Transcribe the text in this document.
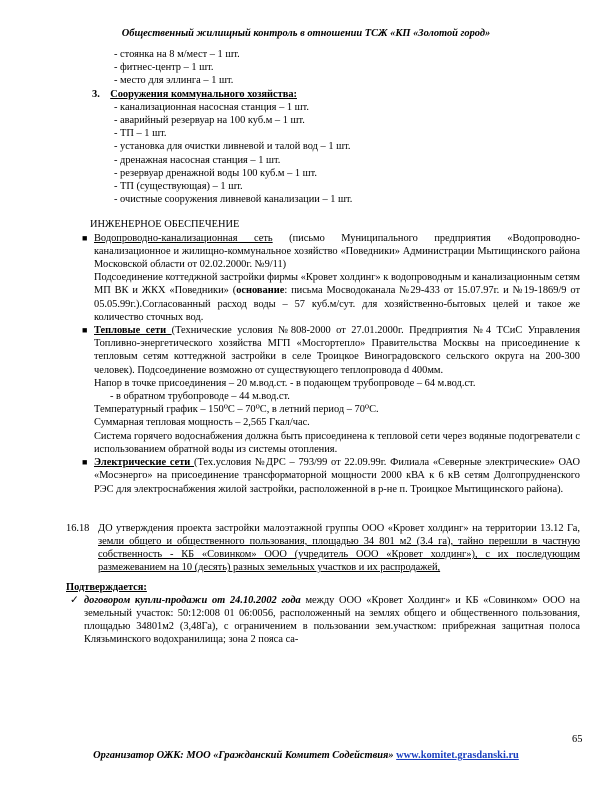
Общественный жилищный контроль в отношении ТСЖ «КП «Золотой город»
- стоянка на 8 м/мест – 1 шт.
- фитнес-центр – 1 шт.
- место для эллинга – 1 шт.
3. Сооружения коммунального хозяйства:
- канализационная насосная станция – 1 шт.
- аварийный резервуар на 100 куб.м – 1 шт.
- ТП – 1 шт.
- установка для очистки ливневой и талой вод – 1 шт.
- дренажная насосная станция – 1 шт.
- резервуар дренажной воды 100 куб.м – 1 шт.
- ТП (существующая) – 1 шт.
- очистные сооружения ливневой канализации – 1 шт.
ИНЖЕНЕРНОЕ ОБЕСПЕЧЕНИЕ
■ Водопроводно-канализационная сеть (письмо Муниципального предприятия «Водопроводно-канализационное и жилищно-коммунальное хозяйство «Поведники» Администрации Мытищинского района Московской области от 02.02.2000г. №9/11)
Подсоединение коттеджной застройки фирмы «Кровет холдинг» к водопроводным и канализационным сетям МП ВК и ЖКХ «Поведники» (основание: письма Мосводоканала №29-433 от 15.07.97г. и №19-1869/9 от 05.05.99г.).Согласованный расход воды – 57 куб.м/сут. для хозяйственно-бытовых целей и такое же количество сточных вод.
■ Тепловые сети (Технические условия №808-2000 от 27.01.2000г. Предприятия №4 ТСиС Управления Топливно-энергетического хозяйства МГП «Мосгортепло» Правительства Москвы на присоединение к тепловым сетям коттеджной застройки в селе Троицкое Виноградовского сельского округа на 200-300 человек). Подсоединение возможно от существующего теплопровода d 400мм.
Напор в точке присоединения – 20 м.вод.ст. - в подающем трубопроводе – 64 м.вод.ст.
- в обратном трубопроводе – 44 м.вод.ст.
Температурный график – 150⁰С – 70⁰С, в летний период – 70⁰С.
Суммарная тепловая мощность – 2,565 Гкал/час.
Система горячего водоснабжения должна быть присоединена к тепловой сети через водяные подогреватели с использованием обратной воды из системы отопления.
■ Электрические сети (Тех.условия №ДРС – 793/99 от 22.09.99г. Филиала «Северные электрические» ОАО «Мосэнерго» на присоединение трансформаторной мощности 2000 кВА к 6 кВ сетям Долгопрудненского РЭС для электроснабжения жилой застройки, расположенной в р-не п. Троицкое Мытищинского района).
16.18 ДО утверждения проекта застройки малоэтажной группы ООО «Кровет холдинг» на территории 13.12 Га, земли общего и общественного пользования, площадью 34 801 м2 (3.4 га), тайно перешли в частную собственность - КБ «Совинком» ООО (учредитель ООО «Кровет холдинг»), с их последующим размежеванием на 10 (десять) разных земельных участков и их распродажей,
Подтверждается:
✓ договором купли-продажи от 24.10.2002 года между ООО «Кровет Холдинг» и КБ «Совинком» ООО на земельный участок: 50:12:008 01 06:0056, расположенный на землях общего и общественного пользования, площадью 34801м2 (3,48Га), с ограничением в пользовании зем.участком: прибрежная защитная полоса Клязьминского водохранилища; зона 2 пояса са-
65
Организатор ОЖК: МОО «Гражданский Комитет Содействия» www.komitet.grasdanski.ru
